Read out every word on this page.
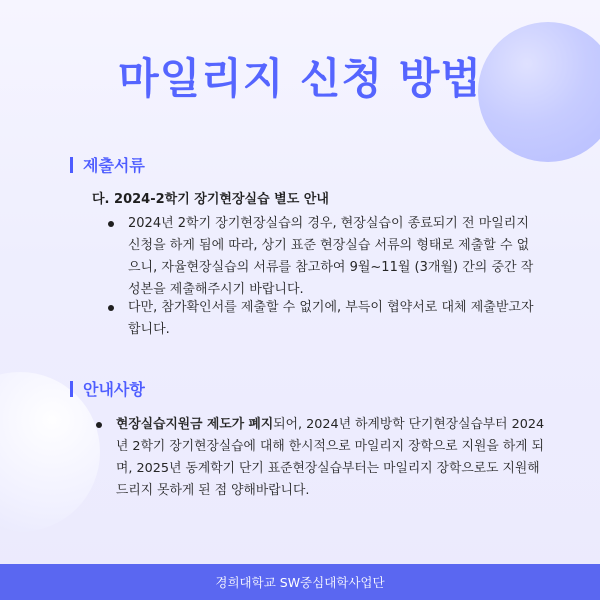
마일리지 신청 방법
제출서류
다. 2024-2학기 장기현장실습 별도 안내
2024년 2학기 장기현장실습의 경우, 현장실습이 종료되기 전 마일리지 신청을 하게 됨에 따라, 상기 표준 현장실습 서류의 형태로 제출할 수 없으니, 자율현장실습의 서류를 참고하여 9월~11월 (3개월) 간의 중간 작성본을 제출해주시기 바랍니다.
다만, 참가확인서를 제출할 수 없기에, 부득이 협약서로 대체 제출받고자 합니다.
안내사항
현장실습지원금 제도가 폐지되어, 2024년 하계방학 단기현장실습부터 2024년 2학기 장기현장실습에 대해 한시적으로 마일리지 장학으로 지원을 하게 되며, 2025년 동계학기 단기 표준현장실습부터는 마일리지 장학으로도 지원해드리지 못하게 된 점 양해바랍니다.
경희대학교 SW중심대학사업단
